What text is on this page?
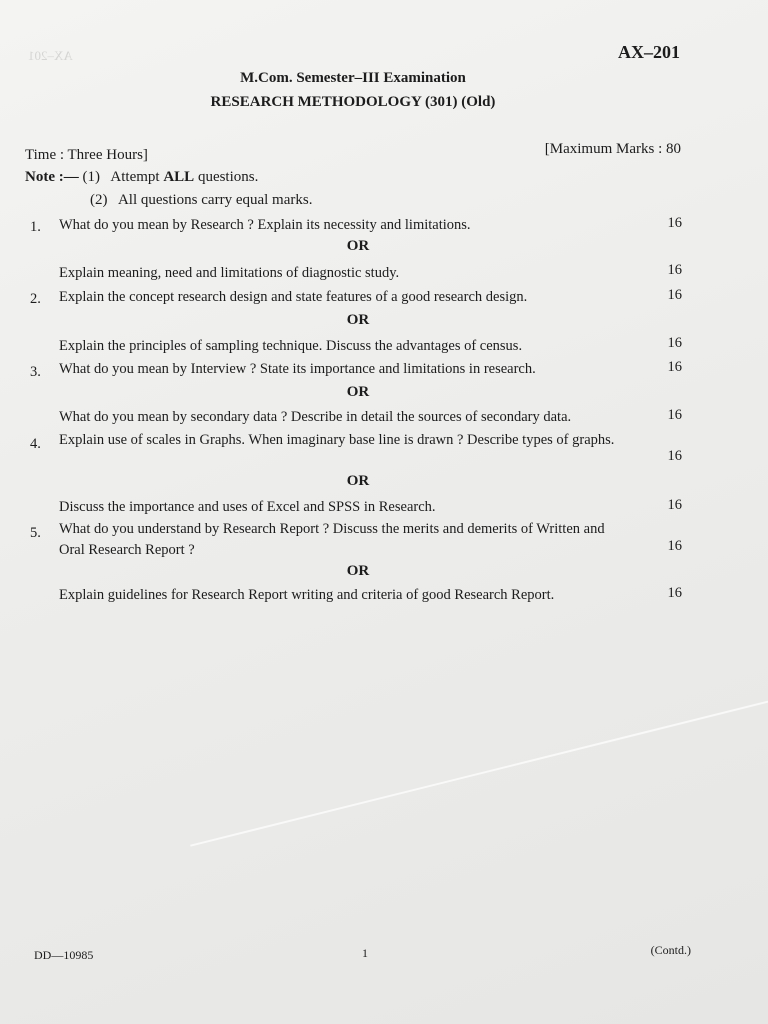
AX–201	AX–201
M.Com. Semester–III Examination
RESEARCH METHODOLOGY (301) (Old)
Time : Three Hours]	[Maximum Marks : 80
Note :— (1) Attempt ALL questions.
(2) All questions carry equal marks.
1. What do you mean by Research ? Explain its necessity and limitations.	16
OR
Explain meaning, need and limitations of diagnostic study.	16
2. Explain the concept research design and state features of a good research design.	16
OR
Explain the principles of sampling technique. Discuss the advantages of census.	16
3. What do you mean by Interview ? State its importance and limitations in research.	16
OR
What do you mean by secondary data ? Describe in detail the sources of secondary data.	16
4. Explain use of scales in Graphs. When imaginary base line is drawn ? Describe types of graphs.
16
OR
Discuss the importance and uses of Excel and SPSS in Research.	16
5. What do you understand by Research Report ? Discuss the merits and demerits of Written and
Oral Research Report ?	16
OR
Explain guidelines for Research Report writing and criteria of good Research Report.	16
DD—10985	1	(Contd.)
